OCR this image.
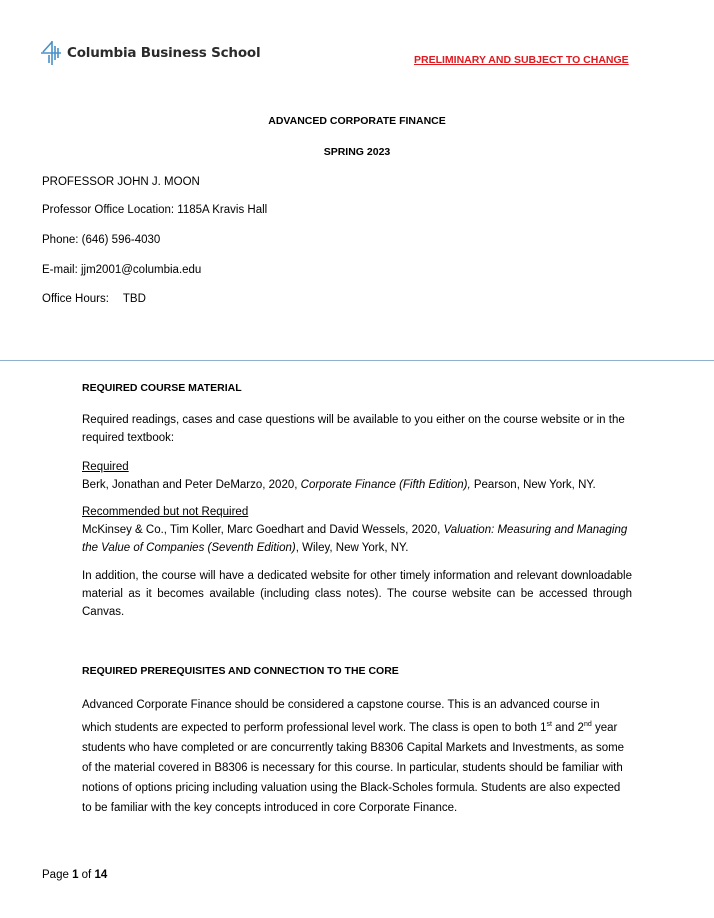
Columbia Business School	PRELIMINARY AND SUBJECT TO CHANGE
ADVANCED CORPORATE FINANCE
SPRING 2023
PROFESSOR JOHN J. MOON
Professor Office Location: 1185A Kravis Hall
Phone: (646) 596-4030
E-mail: jjm2001@columbia.edu
Office Hours: TBD
REQUIRED COURSE MATERIAL
Required readings, cases and case questions will be available to you either on the course website or in the required textbook:
Required
Berk, Jonathan and Peter DeMarzo, 2020, Corporate Finance (Fifth Edition), Pearson, New York, NY.
Recommended but not Required
McKinsey & Co., Tim Koller, Marc Goedhart and David Wessels, 2020, Valuation: Measuring and Managing the Value of Companies (Seventh Edition), Wiley, New York, NY.
In addition, the course will have a dedicated website for other timely information and relevant downloadable material as it becomes available (including class notes). The course website can be accessed through Canvas.
REQUIRED PREREQUISITES AND CONNECTION TO THE CORE
Advanced Corporate Finance should be considered a capstone course. This is an advanced course in which students are expected to perform professional level work. The class is open to both 1st and 2nd year students who have completed or are concurrently taking B8306 Capital Markets and Investments, as some of the material covered in B8306 is necessary for this course. In particular, students should be familiar with notions of options pricing including valuation using the Black-Scholes formula. Students are also expected to be familiar with the key concepts introduced in core Corporate Finance.
Page 1 of 14
